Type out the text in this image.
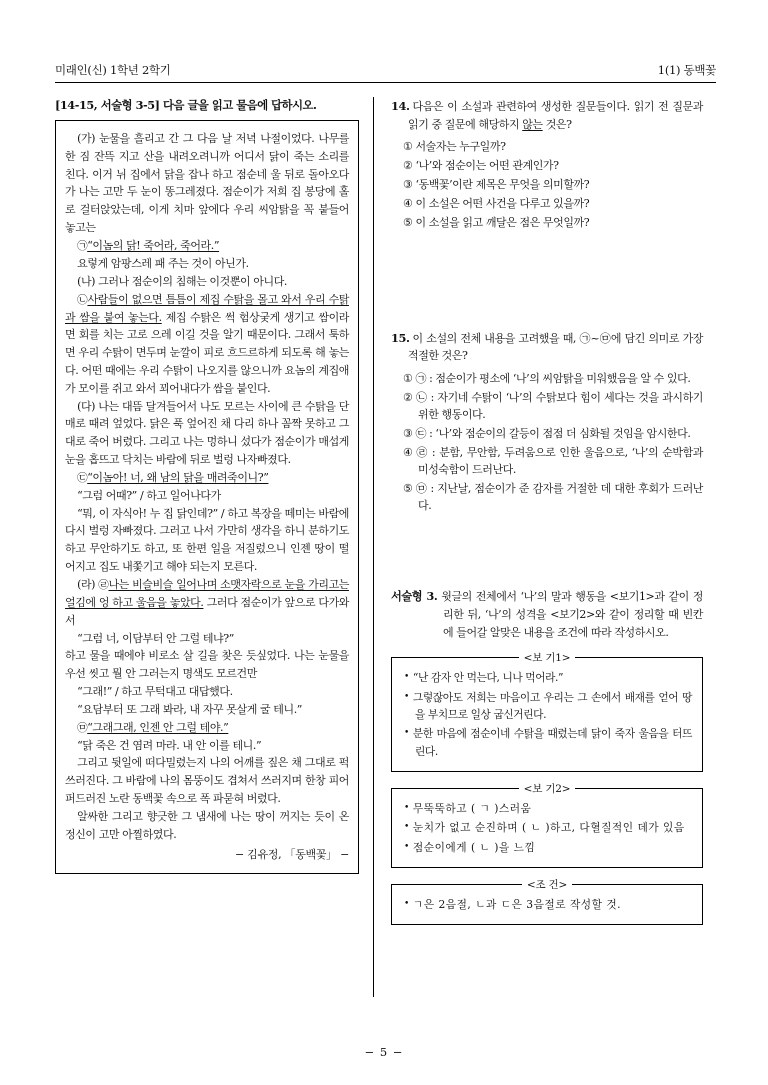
미래인(신) 1학년 2학기	1(1) 동백꽃
[14-15, 서술형 3-5] 다음 글을 읽고 물음에 답하시오.

(가) 눈물을 흘리고 간 그 다음 날 저녁 나절이었다. 나무를 한 짐 잔뜩 지고 산을 내려오려니까 어디서 닭이 죽는 소리를 친다. 이거 뉘 집에서 닭을 잡나 하고 점순네 울 뒤로 돌아오다가 나는 고만 두 눈이 똥그레졌다. 점순이가 저희 집 봉당에 홀로 걸터앉았는데, 이게 치마 앞에다 우리 씨암탉을 꼭 붙들어 놓고는

㉠“이놈의 닭! 죽어라, 죽어라.”

요렇게 암팡스레 패 주는 것이 아닌가.

(나) 그러나 점순이의 침해는 이것뿐이 아니다.

㉡사람들이 없으면 틈틈이 제집 수탉을 몰고 와서 우리 수탉과 쌈을 붙여 놓는다. 제집 수탉은 썩 험상궂게 생기고 쌈이라면 회를 치는 고로 으레 이길 것을 알기 때문이다. 그래서 툭하면 우리 수탉이 면두며 눈깔이 피로 흐드르하게 되도록 해 놓는다. 어떤 때에는 우리 수탉이 나오지를 않으니까 요놈의 계집애가 모이를 쥐고 와서 꾀어내다가 쌈을 붙인다.

(다) 나는 대뜸 달겨들어서 나도 모르는 사이에 큰 수탉을 단매로 때려 엎었다. 닭은 푹 엎어진 채 다리 하나 꼼짝 못하고 그대로 죽어 버렸다. 그리고 나는 멍하니 섰다가 점순이가 매섭게 눈을 홉뜨고 닥치는 바람에 뒤로 벌렁 나자빠졌다.

㉢“이놈아! 너, 왜 남의 닭을 매려죽이니?”

“그럼 어때?” / 하고 일어나다가

“뭐, 이 자식아! 누 집 닭인데?” / 하고 복장을 떼미는 바람에 다시 벌렁 자빠졌다. 그러고 나서 가만히 생각을 하니 분하기도 하고 무안하기도 하고, 또 한편 일을 저질렀으니 인젠 땅이 떨어지고 집도 내쫓기고 해야 되는지 모른다.

(라) ㉣나는 비슬비슬 일어나며 소맷자락으로 눈을 가리고는 얼김에 엉 하고 울음을 놓았다. 그러다 점순이가 앞으로 다가와서

“그럼 너, 이담부터 안 그럴 테냐?”

하고 물을 때에야 비로소 살 길을 찾은 듯싶었다. 나는 눈물을 우선 씻고 뭘 안 그러는지 명색도 모르건만

“그래!” / 하고 무턱대고 대답했다.

“요담부터 또 그래 봐라, 내 자꾸 못살게 굴 테니.”

㉤“그래그래, 인젠 안 그럴 테야.”

“닭 죽은 건 염려 마라. 내 안 이를 테니.”

그리고 뒷일에 떠다밀렸는지 나의 어깨를 짚은 채 그대로 퍽 쓰러진다. 그 바람에 나의 몸뚱이도 겹쳐서 쓰러지며 한창 피어 퍼드러진 노란 동백꽃 속으로 폭 파묻혀 버렸다.

알싸한 그리고 향긋한 그 냄새에 나는 땅이 꺼지는 듯이 온 정신이 고만 아찔하였다.

− 김유정, 「동백꽃」 −

14. 다음은 이 소설과 관련하여 생성한 질문들이다. 읽기 전 질문과 읽기 중 질문에 해당하지 않는 것은?

① 서술자는 누구일까?
② ‘나’와 점순이는 어떤 관계인가?
③ ‘동백꽃’이란 제목은 무엇을 의미할까?
④ 이 소설은 어떤 사건을 다루고 있을까?
⑤ 이 소설을 읽고 깨달은 점은 무엇일까?

15. 이 소설의 전체 내용을 고려했을 때, ㉠~㉤에 담긴 의미로 가장 적절한 것은?

① ㉠ : 점순이가 평소에 ‘나’의 씨암탉을 미워했음을 알 수 있다.
② ㉡ : 자기네 수탉이 ‘나’의 수탉보다 힘이 세다는 것을 과시하기 위한 행동이다.
③ ㉢ : ‘나’와 점순이의 갈등이 점점 더 심화될 것임을 암시한다.
④ ㉣ : 분함, 무안함, 두려움으로 인한 울음으로, ‘나’의 순박함과 미성숙함이 드러난다.
⑤ ㉤ : 지난날, 점순이가 준 감자를 거절한 데 대한 후회가 드러난다.

서술형 3. 윗글의 전체에서 ‘나’의 말과 행동을 <보기1>과 같이 정리한 뒤, ‘나’의 성격을 <보기2>와 같이 정리할 때 빈칸에 들어갈 알맞은 내용을 조건에 따라 작성하시오.

<보 기1>
• “난 감자 안 먹는다, 니나 먹어라.”
• 그렇잖아도 저희는 마음이고 우리는 그 손에서 배재를 얻어 땅을 부치므로 일상 굽신거린다.
• 분한 마음에 점순이네 수탉을 때렸는데 닭이 죽자 울음을 터뜨린다.
<보 기2>
• 무뚝뚝하고 ( ㄱ )스러움
• 눈치가 없고 순진하며 ( ㄴ )하고, 다혈질적인 데가 있음
• 점순이에게 ( ㄴ )을 느낌
<조 건>
• ㄱ은 2음절, ㄴ과 ㄷ은 3음절로 작성할 것.
− 5 −
